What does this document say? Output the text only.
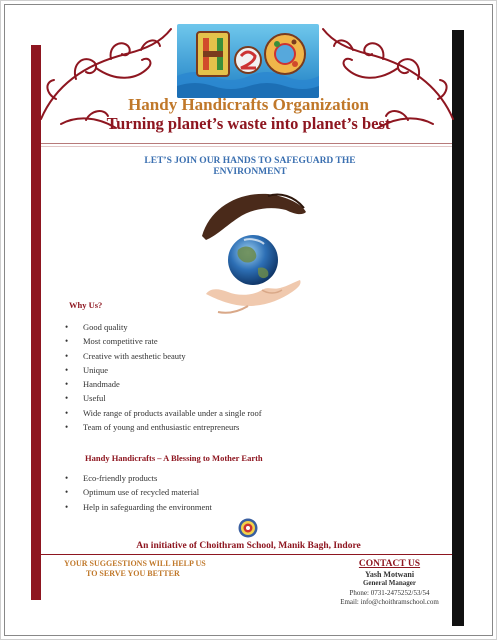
Handy Handicrafts Organization
Turning planet’s waste into planet’s best
LET’S JOIN OUR HANDS TO SAFEGUARD THE ENVIRONMENT
Why Us?
• Good quality
• Most competitive rate
• Creative with aesthetic beauty
• Unique
• Handmade
• Useful
• Wide range of products available under a single roof
• Team of young and enthusiastic entrepreneurs
Handy Handicrafts – A Blessing to Mother Earth
• Eco-friendly products
• Optimum use of recycled material
• Help in safeguarding the environment
An initiative of Choithram School, Manik Bagh, Indore
YOUR SUGGESTIONS WILL HELP US
TO SERVE YOU BETTER
CONTACT US
Yash Motwani
General Manager
Phone: 0731-2475252/53/54
Email: info@choithramschool.com
